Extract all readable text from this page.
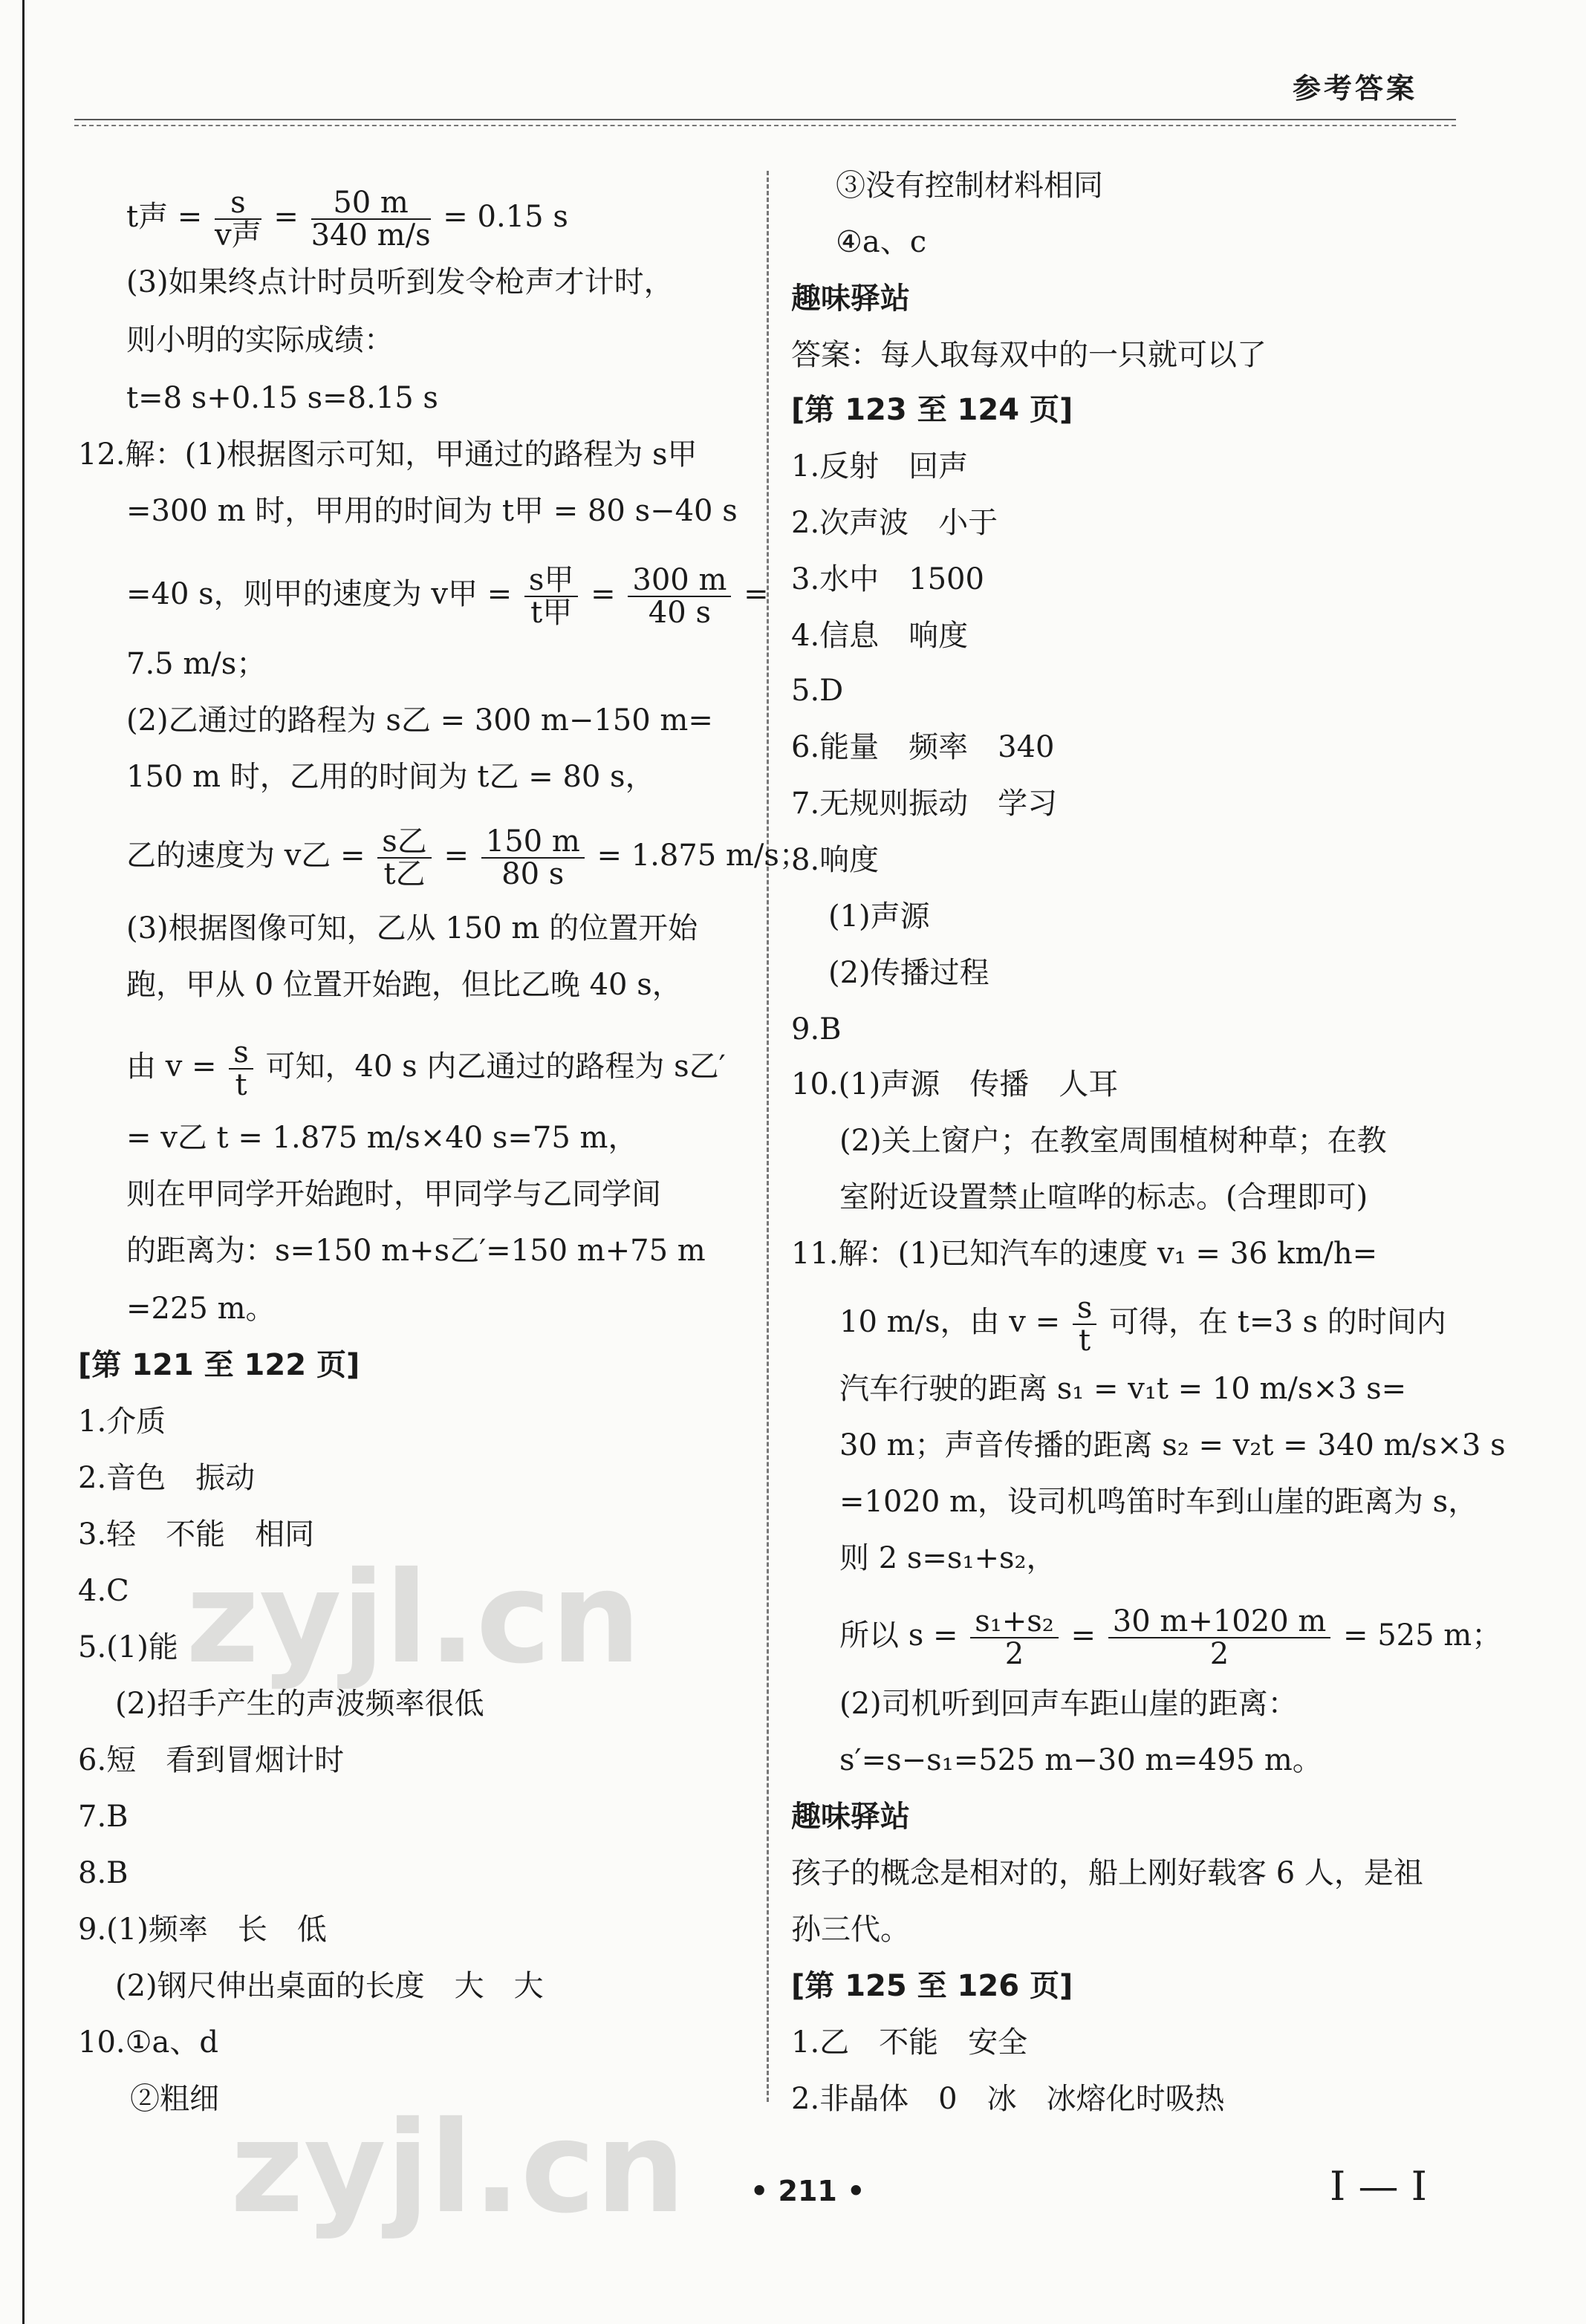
参考答案
t声 = $\frac{s}{\text{v声}} = \frac{50 m}{340 m/s} = 0.15$ s
(3)如果终点计时员听到发令枪声才计时，
则小明的实际成绩：
t=8 s+0.15 s=8.15 s
12.解：(1)根据图示可知，甲通过的路程为 s甲
=300 m 时，甲用的时间为 t甲 = 80 s−40 s
=40 s，则甲的速度为 v甲 = $\frac{\text{s甲}}{\text{t甲}} = \frac{300 m}{40 s}$ =
7.5 m/s；
(2)乙通过的路程为 s乙 = 300 m−150 m=
150 m 时，乙用的时间为 t乙 = 80 s，
乙的速度为 v乙 = $\frac{\text{s乙}}{\text{t乙}} = \frac{150 m}{80 s} = 1.875$ m/s；
(3)根据图像可知，乙从 150 m 的位置开始
跑，甲从 0 位置开始跑，但比乙晚 40 s，
由 $v = \frac{s}{t}$ 可知，40 s 内乙通过的路程为 s乙′
= v乙 t = 1.875 m/s×40 s=75 m，
则在甲同学开始跑时，甲同学与乙同学间
的距离为：s=150 m+s乙′=150 m+75 m
=225 m。
[第 121 至 122 页]
1.介质
2.音色　振动
3.轻　不能　相同
4.C
5.(1)能
(2)招手产生的声波频率很低
6.短　看到冒烟计时
7.B
8.B
9.(1)频率　长　低
(2)钢尺伸出桌面的长度　大　大
10.①a、d
②粗细
③没有控制材料相同
④a、c
趣味驿站
答案：每人取每双中的一只就可以了
[第 123 至 124 页]
1.反射　回声
2.次声波　小于
3.水中　1500
4.信息　响度
5.D
6.能量　频率　340
7.无规则振动　学习
8.响度
(1)声源
(2)传播过程
9.B
10.(1)声源　传播　人耳
(2)关上窗户；在教室周围植树种草；在教
室附近设置禁止喧哗的标志。(合理即可)
11.解：(1)已知汽车的速度 v₁ = 36 km/h=
10 m/s，由 $v = \frac{s}{t}$ 可得，在 t=3 s 的时间内
汽车行驶的距离 s₁ = v₁t = 10 m/s×3 s=
30 m；声音传播的距离 s₂ = v₂t = 340 m/s×3 s
=1020 m，设司机鸣笛时车到山崖的距离为 s，
则 2 s=s₁+s₂，
所以 $s = \frac{\text{s₁+s₂}}{2} = \frac{30 m+1020 m}{2} = 525$ m；
(2)司机听到回声车距山崖的距离：
s′=s−s₁=525 m−30 m=495 m。
趣味驿站
孩子的概念是相对的，船上刚好载客 6 人，是祖
孙三代。
[第 125 至 126 页]
1.乙　不能　安全
2.非晶体　0　冰　冰熔化时吸热
zyjl.cn
zyjl.cn • 211 •	I — I
